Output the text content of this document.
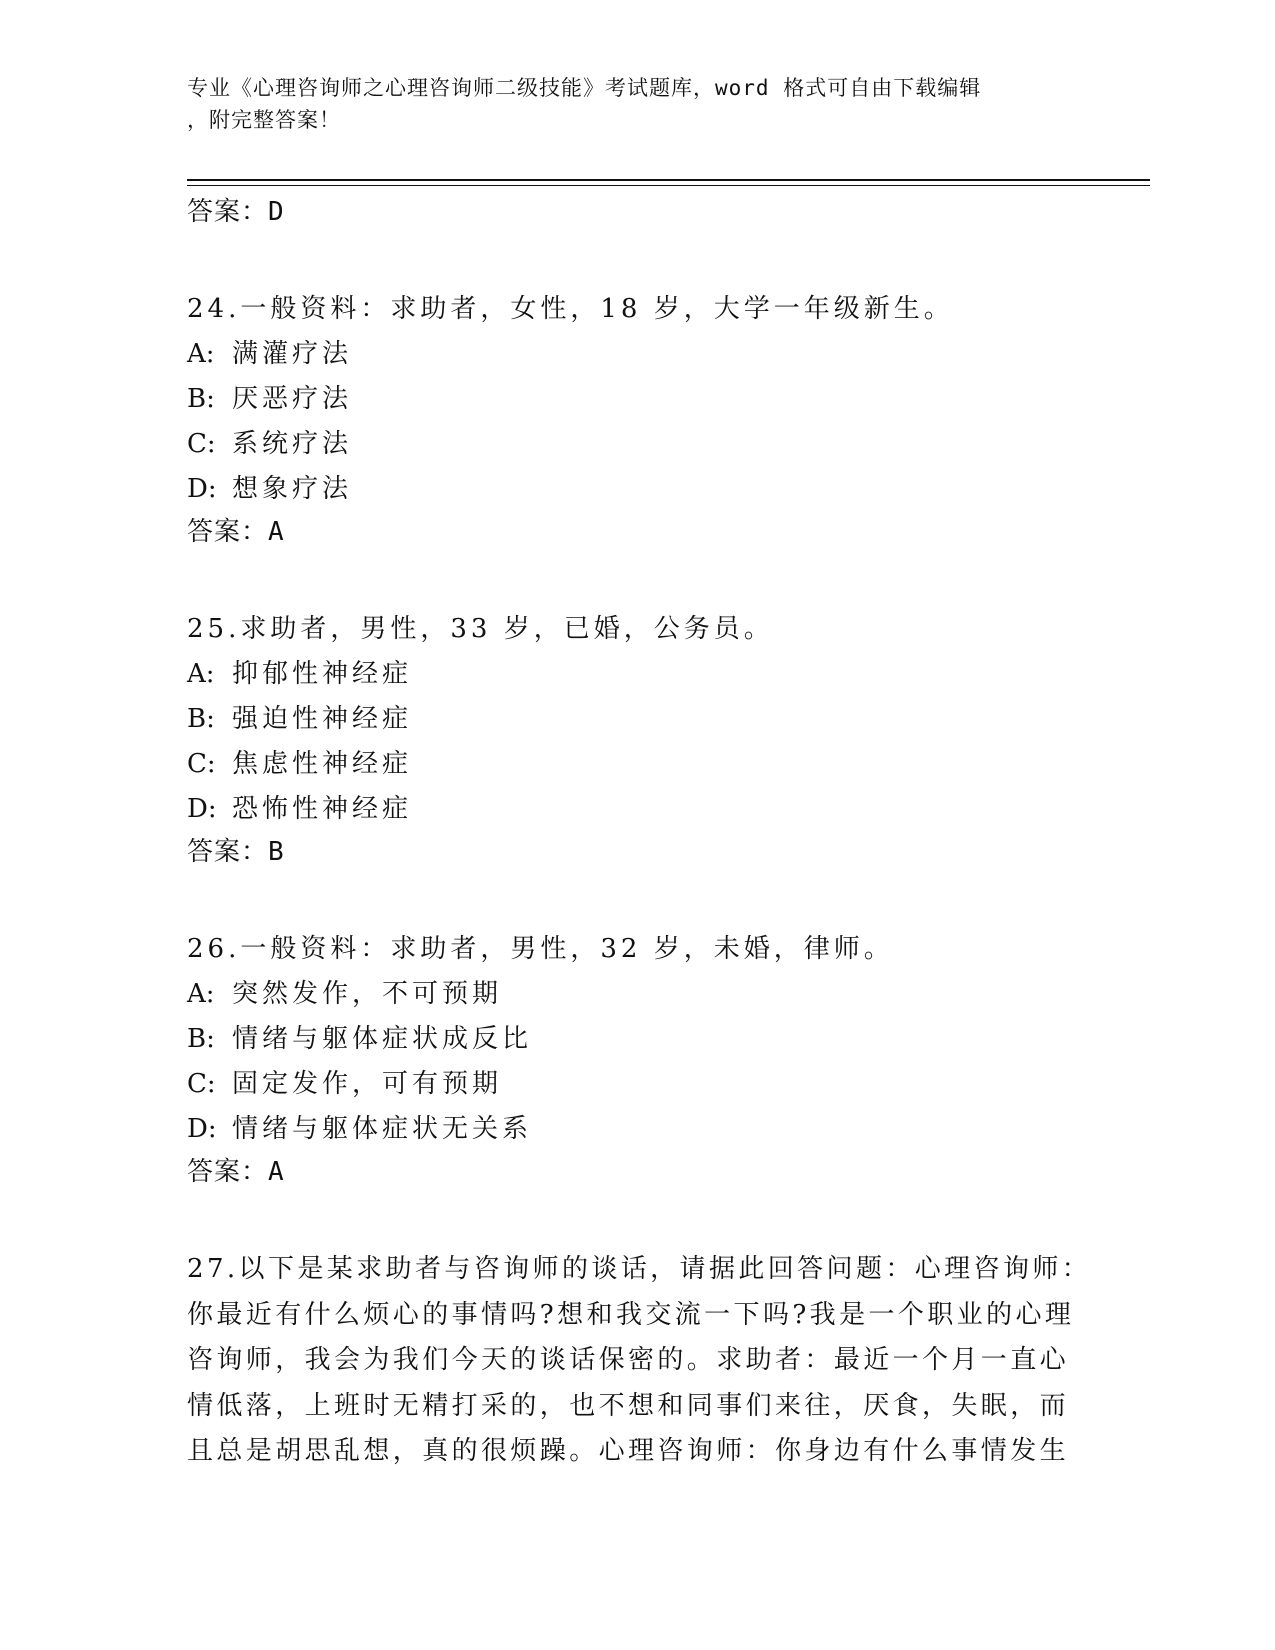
专业《心理咨询师之心理咨询师二级技能》考试题库，word 格式可自由下载编辑
，附完整答案！
答案：D
24.一般资料：求助者，女性，18 岁，大学一年级新生。
A: 满灌疗法
B: 厌恶疗法
C: 系统疗法
D: 想象疗法
答案：A
25.求助者，男性，33 岁，已婚，公务员。
A: 抑郁性神经症
B: 强迫性神经症
C: 焦虑性神经症
D: 恐怖性神经症
答案：B
26.一般资料：求助者，男性，32 岁，未婚，律师。
A: 突然发作，不可预期
B: 情绪与躯体症状成反比
C: 固定发作，可有预期
D: 情绪与躯体症状无关系
答案：A
27.以下是某求助者与咨询师的谈话，请据此回答问题：心理咨询师：
你最近有什么烦心的事情吗?想和我交流一下吗?我是一个职业的心理
咨询师，我会为我们今天的谈话保密的。求助者：最近一个月一直心
情低落，上班时无精打采的，也不想和同事们来往，厌食，失眠，而
且总是胡思乱想，真的很烦躁。心理咨询师：你身边有什么事情发生
